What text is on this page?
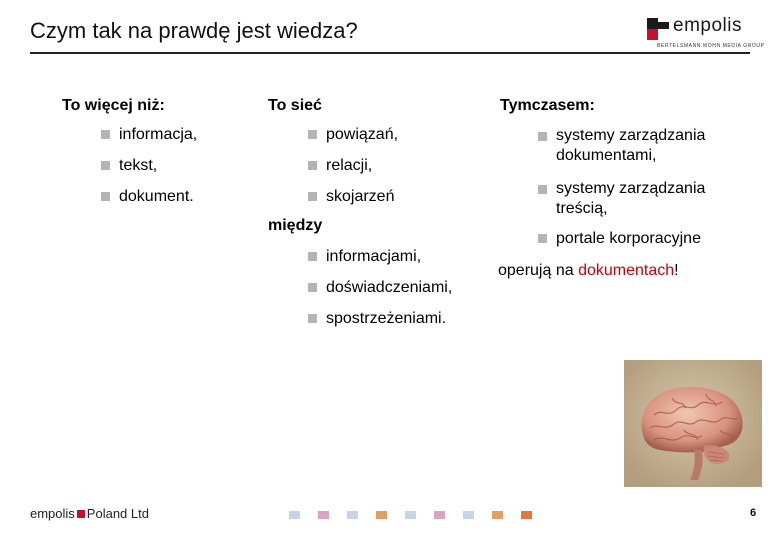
Czym tak na prawdę jest wiedza?	empolis
BERTELSMANN MOHN MEDIA GROUP
To więcej niż:
informacja,
tekst,
dokument.
To sieć
powiązań,
relacji,
skojarzeń
między
informacjami,
doświadczeniami,
spostrzeżeniami.
Tymczasem:
systemy zarządzania dokumentami,
systemy zarządzania treścią,
portale korporacyjne
operują na dokumentach!
empolis Poland Ltd	6
